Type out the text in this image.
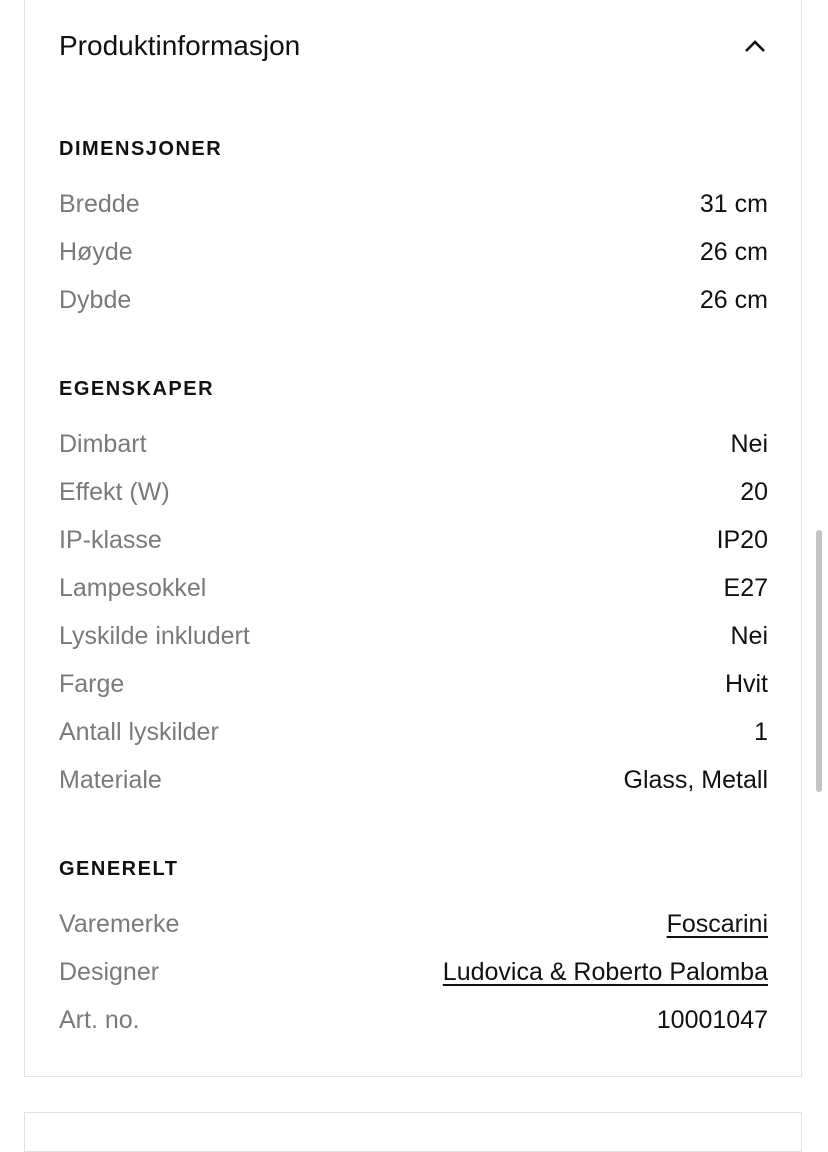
Produktinformasjon
DIMENSJONER
Bredde	31 cm
Høyde	26 cm
Dybde	26 cm
EGENSKAPER
Dimbart	Nei
Effekt (W)	20
IP-klasse	IP20
Lampesokkel	E27
Lyskilde inkludert	Nei
Farge	Hvit
Antall lyskilder	1
Materiale	Glass, Metall
GENERELT
Varemerke	Foscarini
Designer	Ludovica & Roberto Palomba
Art. no.	10001047
